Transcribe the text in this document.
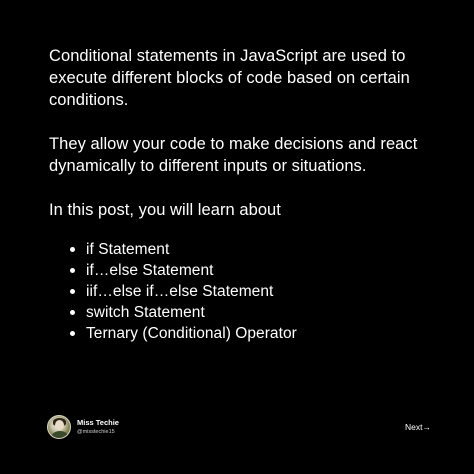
Conditional statements in JavaScript are used to execute different blocks of code based on certain conditions.

They allow your code to make decisions and react dynamically to different inputs or situations.

In this post, you will learn about

if Statement
if…else Statement
iif…else if…else Statement
switch Statement
Ternary (Conditional) Operator
Miss Techie
@misstechie15	Next→
